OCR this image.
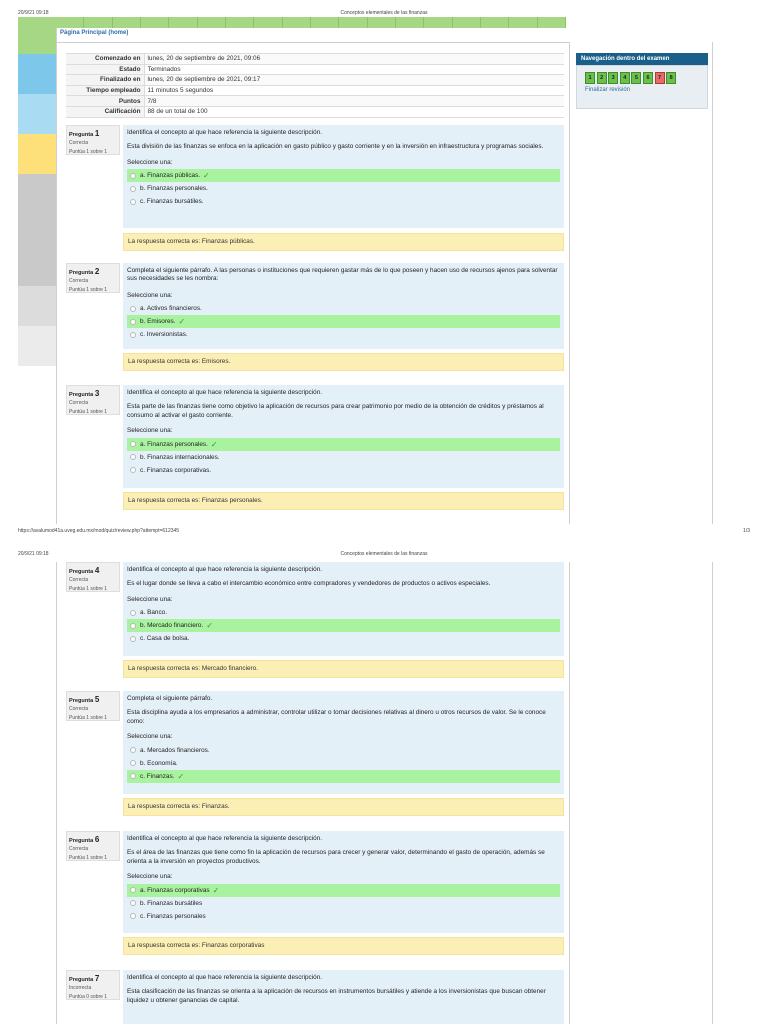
20/9/21 09:18	Conceptos elementales de las finanzas
Página Principal (home)
Comenzado en	lunes, 20 de septiembre de 2021, 09:06
Estado	Terminados
Finalizado en	lunes, 20 de septiembre de 2021, 09:17
Tiempo empleado	11 minutos 5 segundos
Puntos	7/8
Calificación	88 de un total de 100
Navegación dentro del examen
1	2	3	4	5	6	7	8
Finalizar revisión
Pregunta 1
Correcta
Puntúa 1 sobre 1

Identifica el concepto al que hace referencia la siguiente descripción.

Esta división de las finanzas se enfoca en la aplicación en gasto público y gasto corriente y en la inversión en infraestructura y programas sociales.

Seleccione una:

a. Finanzas públicas. ✓
b. Finanzas personales.
c. Finanzas bursátiles.
La respuesta correcta es: Finanzas públicas.
Pregunta 2
Correcta
Puntúa 1 sobre 1

Completa el siguiente párrafo. A las personas o instituciones que requieren gastar más de lo que poseen y hacen uso de recursos ajenos para solventar sus necesidades se les nombra:

Seleccione una:

a. Activos financieros.
b. Emisores. ✓
c. Inversionistas.
La respuesta correcta es: Emisores.
Pregunta 3
Correcta
Puntúa 1 sobre 1

Identifica el concepto al que hace referencia la siguiente descripción.

Esta parte de las finanzas tiene como objetivo la aplicación de recursos para crear patrimonio por medio de la obtención de créditos y préstamos al consumo al activar el gasto corriente.

Seleccione una:

a. Finanzas personales. ✓
b. Finanzas internacionales.
c. Finanzas corporativas.
La respuesta correcta es: Finanzas personales.
https://avalumod41a.uveg.edu.mx/mod/quiz/review.php?attempt=612345	1/3
20/9/21 09:18	Conceptos elementales de las finanzas
Pregunta 4
Correcta
Puntúa 1 sobre 1

Identifica el concepto al que hace referencia la siguiente descripción.

Es el lugar donde se lleva a cabo el intercambio económico entre compradores y vendedores de productos o activos especiales.

Seleccione una:

a. Banco.
b. Mercado financiero. ✓
c. Casa de bolsa.
La respuesta correcta es: Mercado financiero.
Pregunta 5
Correcta
Puntúa 1 sobre 1

Completa el siguiente párrafo.

Esta disciplina ayuda a los empresarios a administrar, controlar utilizar o tomar decisiones relativas al dinero u otros recursos de valor. Se le conoce como:

Seleccione una:

a. Mercados financieros.
b. Economía.
c. Finanzas. ✓
La respuesta correcta es: Finanzas.
Pregunta 6
Correcta
Puntúa 1 sobre 1

Identifica el concepto al que hace referencia la siguiente descripción.

Es el área de las finanzas que tiene como fin la aplicación de recursos para crecer y generar valor, determinando el gasto de operación, además se orienta a la inversión en proyectos productivos.

Seleccione una:

a. Finanzas corporativas ✓
b. Finanzas bursátiles
c. Finanzas personales
La respuesta correcta es: Finanzas corporativas
Pregunta 7
Incorrecta
Puntúa 0 sobre 1

Identifica el concepto al que hace referencia la siguiente descripción.

Esta clasificación de las finanzas se orienta a la aplicación de recursos en instrumentos bursátiles y atiende a los inversionistas que buscan obtener liquidez u obtener ganancias de capital.
